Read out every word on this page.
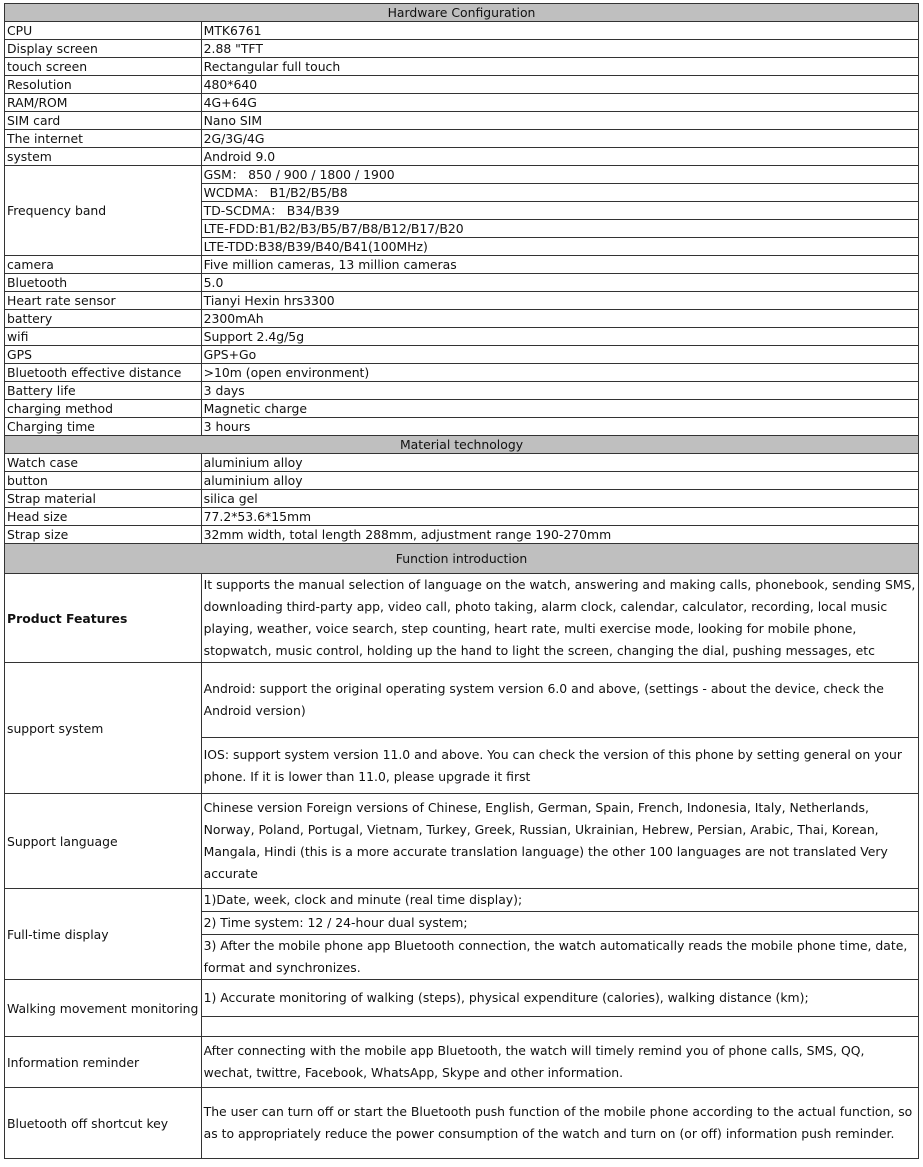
Hardware Configuration	
CPU	MTK6761
Display screen	2.88 "TFT
touch screen	Rectangular full touch
Resolution	480*640
RAM/ROM	4G+64G
SIM card	Nano SIM
The internet	2G/3G/4G
system	Android 9.0
Frequency band	GSM： 850 / 900 / 1800 / 1900
	WCDMA： B1/B2/B5/B8
	TD-SCDMA： B34/B39
	LTE-FDD:B1/B2/B3/B5/B7/B8/B12/B17/B20
	LTE-TDD:B38/B39/B40/B41(100MHz)
camera	Five million cameras, 13 million cameras
Bluetooth	5.0
Heart rate sensor	Tianyi Hexin hrs3300
battery	2300mAh
wifi	Support 2.4g/5g
GPS	GPS+Go
Bluetooth effective distance	>10m (open environment)
Battery life	3 days
charging method	Magnetic charge
Charging time	3 hours
Material technology	
Watch case	aluminium alloy
button	aluminium alloy
Strap material	silica gel
Head size	77.2*53.6*15mm
Strap size	32mm width, total length 288mm, adjustment range 190-270mm
Function introduction	
Product Features	It supports the manual selection of language on the watch, answering and making calls, phonebook, sending SMS, downloading third-party app, video call, photo taking, alarm clock, calendar, calculator, recording, local music playing, weather, voice search, step counting, heart rate, multi exercise mode, looking for mobile phone, stopwatch, music control, holding up the hand to light the screen, changing the dial, pushing messages, etc
support system	Android: support the original operating system version 6.0 and above, (settings - about the device, check the Android version)
	IOS: support system version 11.0 and above. You can check the version of this phone by setting general on your phone. If it is lower than 11.0, please upgrade it first
Support language	Chinese version Foreign versions of Chinese, English, German, Spain, French, Indonesia, Italy, Netherlands, Norway, Poland, Portugal, Vietnam, Turkey, Greek, Russian, Ukrainian, Hebrew, Persian, Arabic, Thai, Korean, Mangala, Hindi (this is a more accurate translation language) the other 100 languages are not translated Very accurate
Full-time display	1)Date, week, clock and minute (real time display);
	2) Time system: 12 / 24-hour dual system;
	3) After the mobile phone app Bluetooth connection, the watch automatically reads the mobile phone time, date, format and synchronizes.
Walking movement monitoring	1) Accurate monitoring of walking (steps), physical expenditure (calories), walking distance (km);

Information reminder	After connecting with the mobile app Bluetooth, the watch will timely remind you of phone calls, SMS, QQ, wechat, twittre, Facebook, WhatsApp, Skype and other information.
Bluetooth off shortcut key	The user can turn off or start the Bluetooth push function of the mobile phone according to the actual function, so as to appropriately reduce the power consumption of the watch and turn on (or off) information push reminder.
